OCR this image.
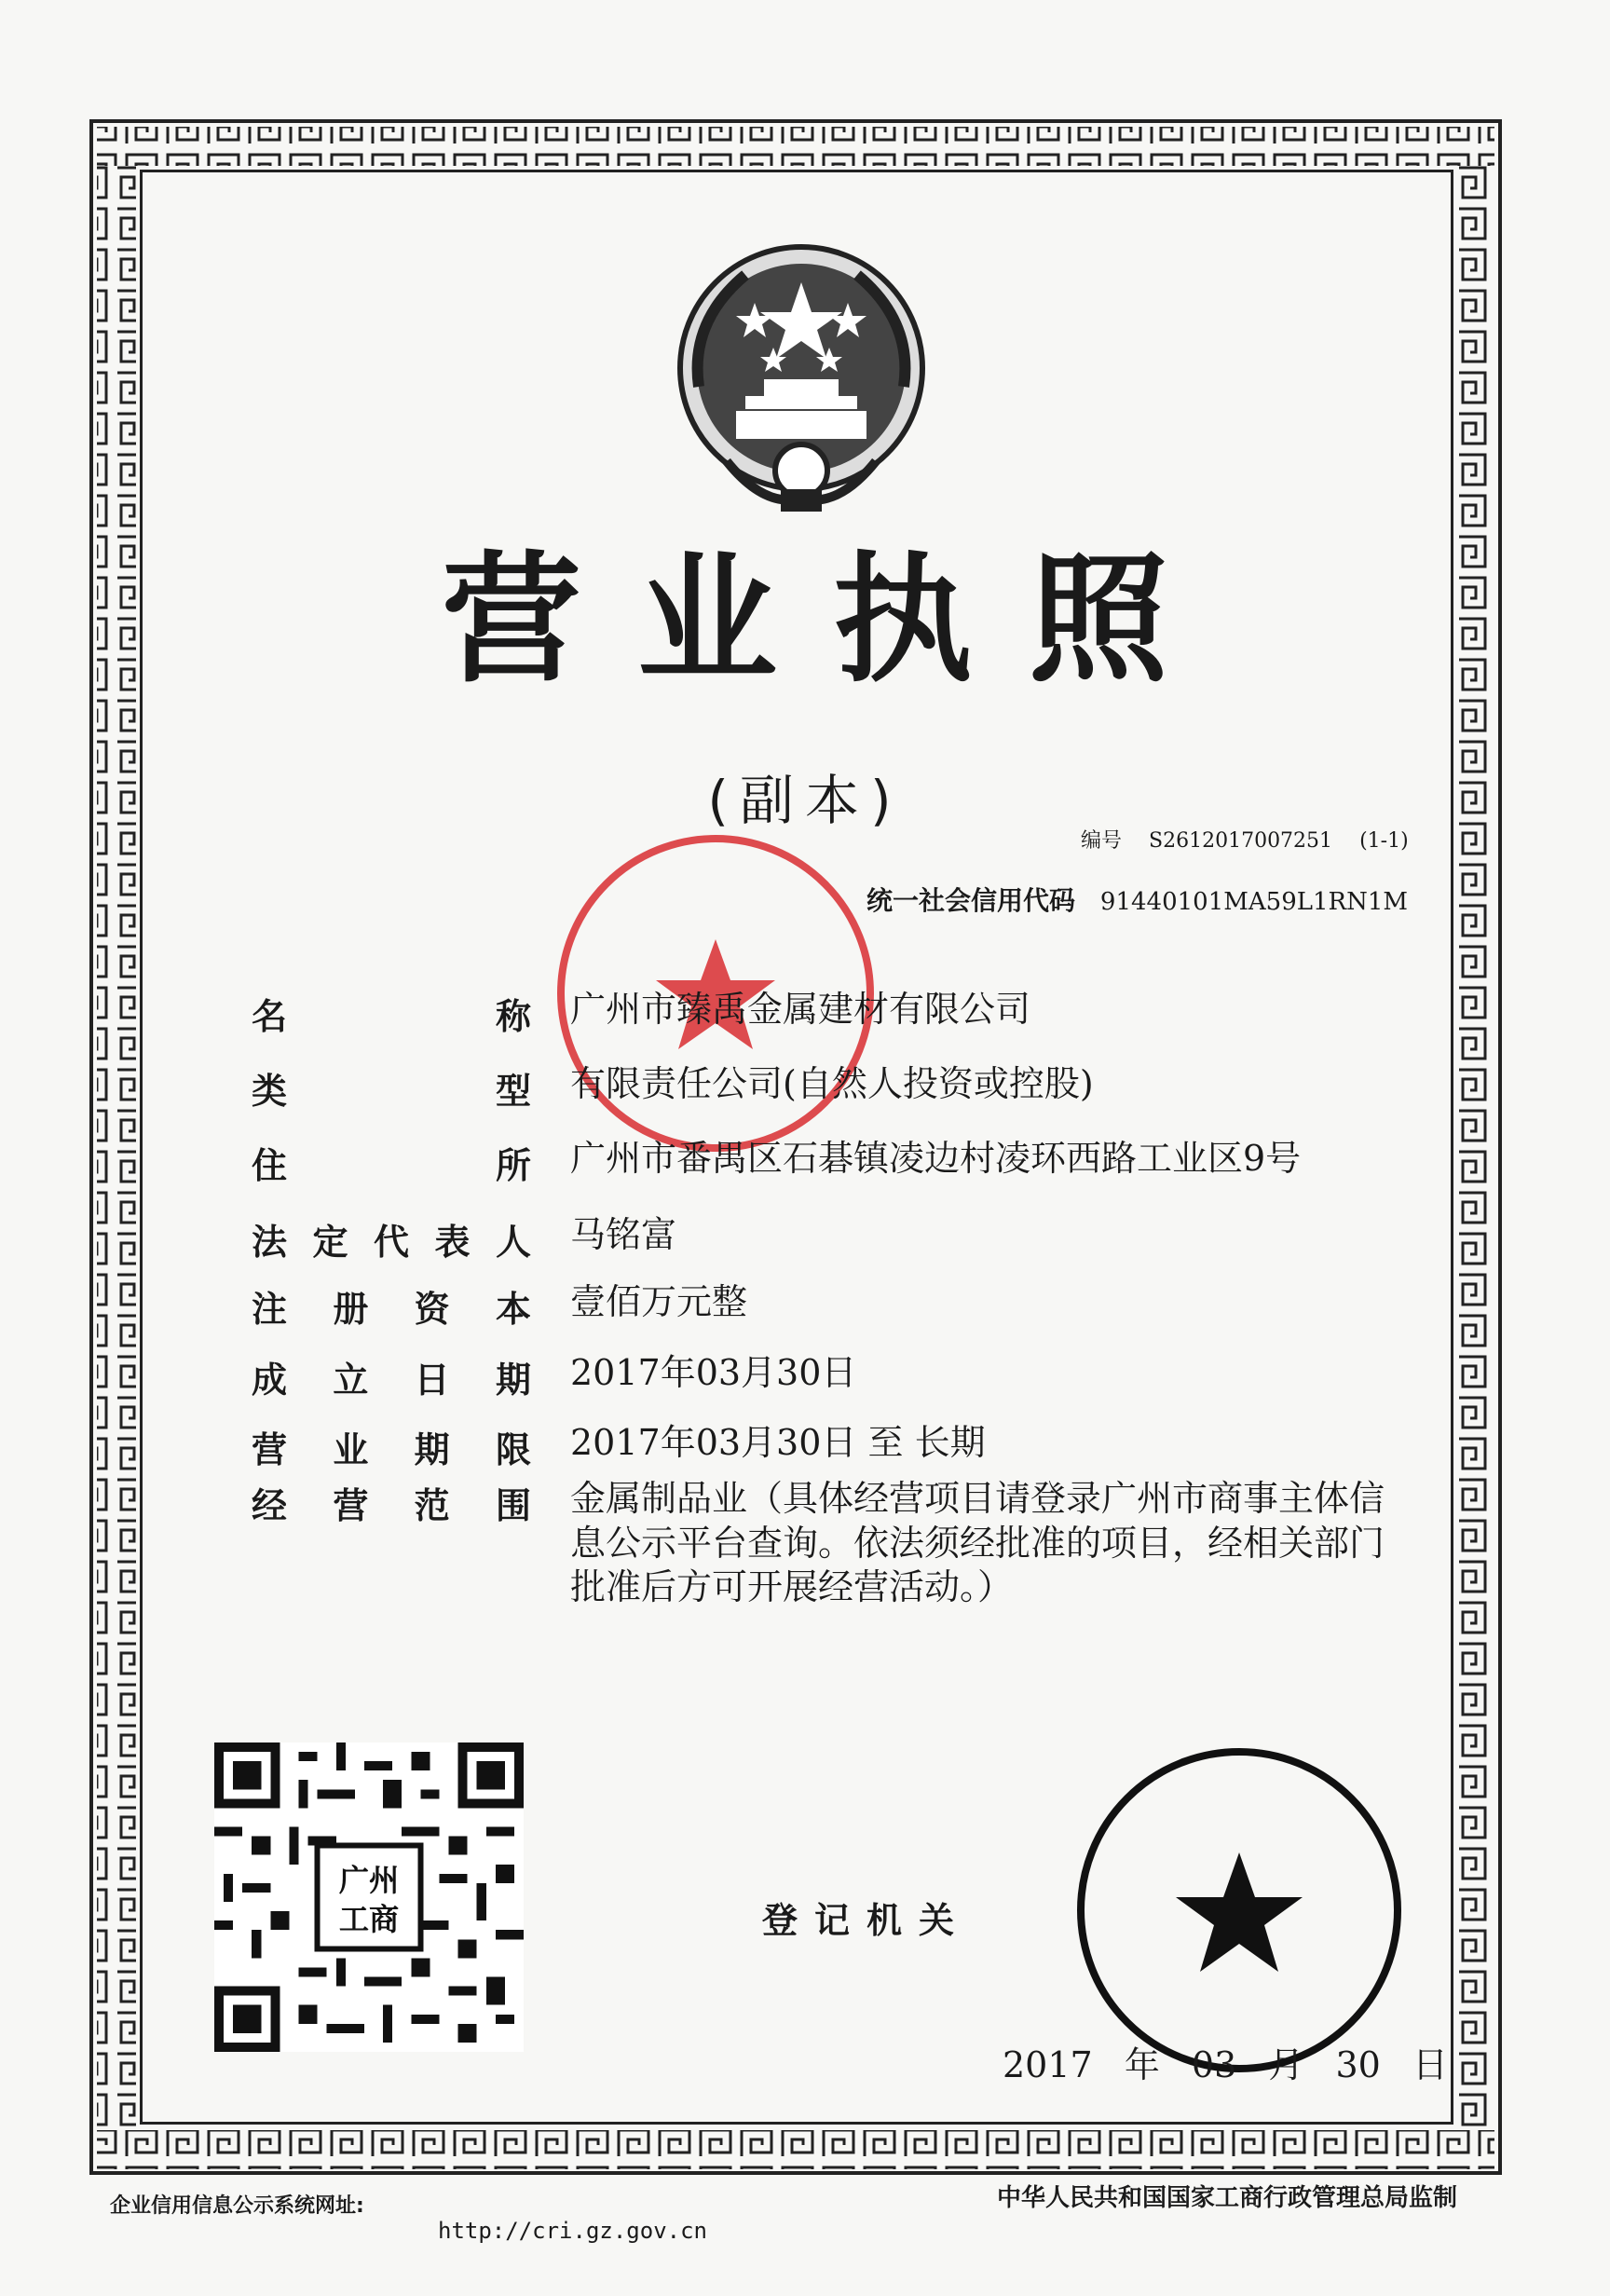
营业执照
(副本)
编号 S2612017007251 (1-1)
统一社会信用代码 91440101MA59L1RN1M
名	称 广州市臻禹金属建材有限公司
类	型 有限责任公司(自然人投资或控股)
住	所 广州市番禺区石碁镇凌边村凌环西路工业区9号
法 定 代 表 人 马铭富
注 册 资 本 壹佰万元整
成 立 日 期 2017年03月30日
营 业 期 限 2017年03月30日 至 长期
经 营 范 围 金属制品业（具体经营项目请登录广州市商事主体信息公示平台查询。依法须经批准的项目，经相关部门批准后方可开展经营活动。）
广州
工商	登记机关
2017 年 03 月 30 日
企业信用信息公示系统网址:
http://cri.gz.gov.cn
中华人民共和国国家工商行政管理总局监制
